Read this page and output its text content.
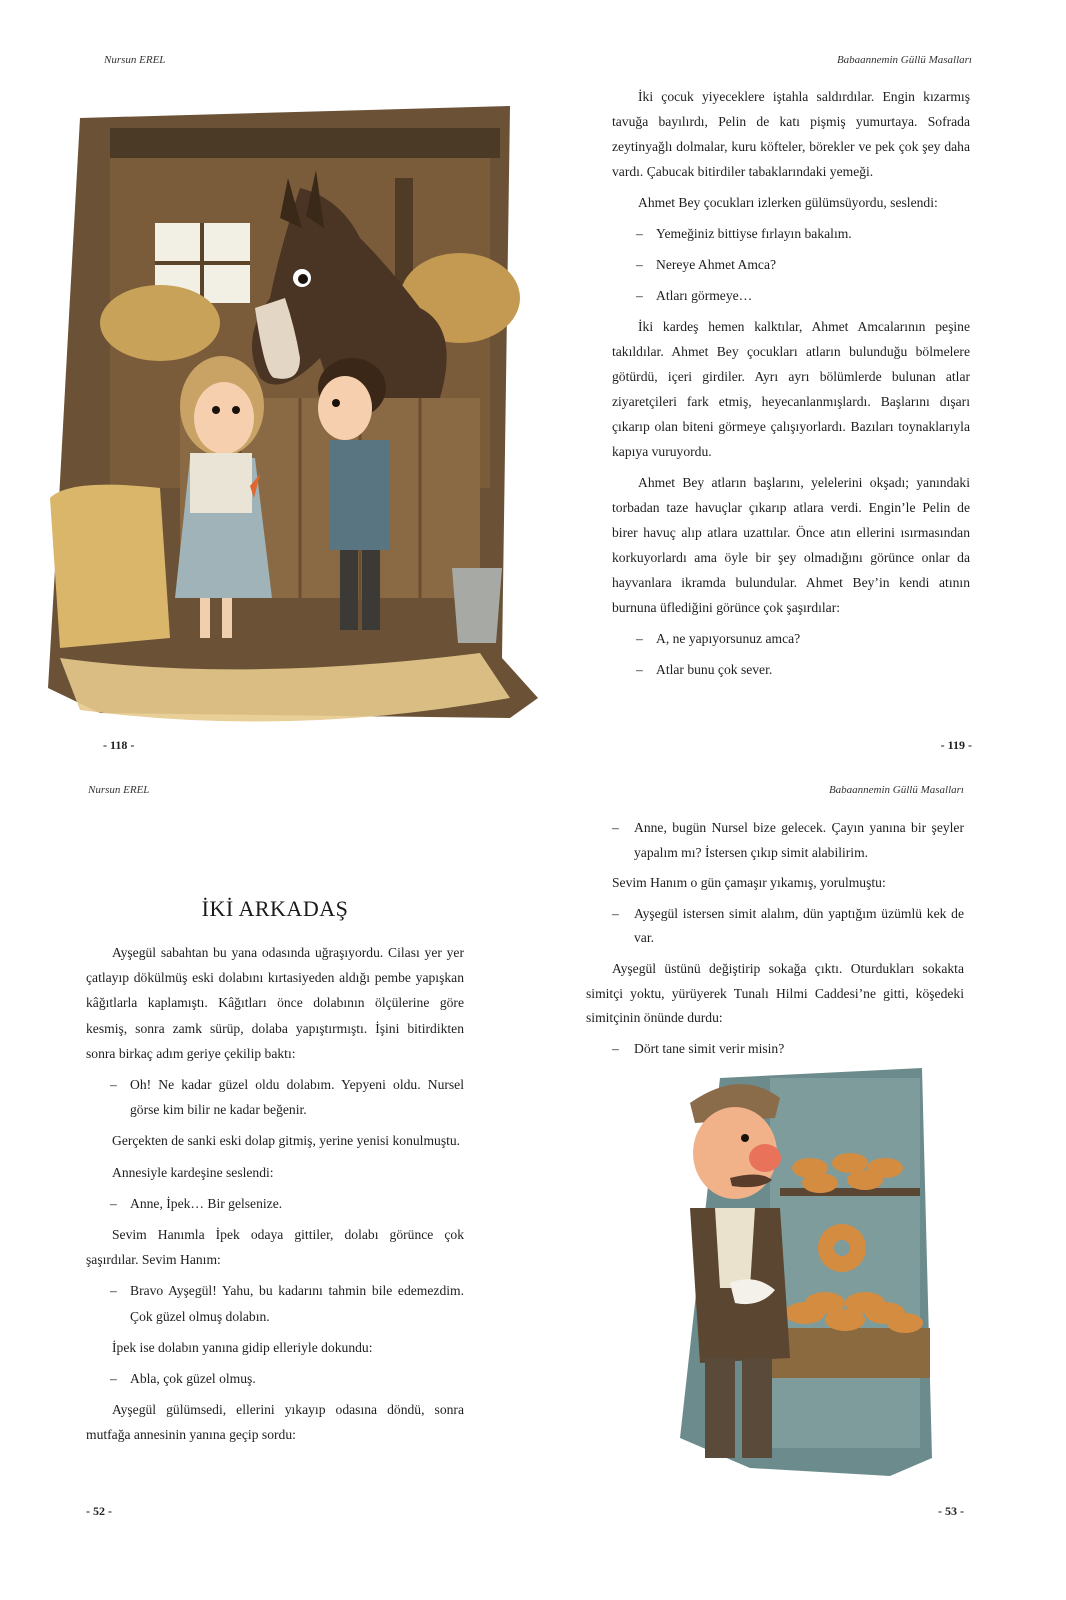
Nursun EREL	Babaannemin Güllü Masalları
- 118 -	- 119 -

İki çocuk yiyeceklere iştahla saldırdılar. Engin kızarmış tavuğa bayılırdı, Pelin de katı pişmiş yumurtaya. Sofrada zeytinyağlı dolmalar, kuru köfteler, börekler ve pek çok şey daha vardı. Çabucak bitirdiler tabaklarındaki yemeği.

Ahmet Bey çocukları izlerken gülümsüyordu, seslendi:

– Yemeğiniz bittiyse fırlayın bakalım.

– Nereye Ahmet Amca?

– Atları görmeye…

İki kardeş hemen kalktılar, Ahmet Amcalarının peşine takıldılar. Ahmet Bey çocukları atların bulunduğu bölmelere götürdü, içeri girdiler. Ayrı ayrı bölümlerde bulunan atlar ziyaretçileri fark etmiş, heyecanlanmışlardı. Başlarını dışarı çıkarıp olan biteni görmeye çalışıyorlardı. Bazıları toynaklarıyla kapıya vuruyordu.

Ahmet Bey atların başlarını, yelelerini okşadı; yanındaki torbadan taze havuçlar çıkarıp atlara verdi. Engin’le Pelin de birer havuç alıp atlara uzattılar. Önce atın ellerini ısırmasından korkuyorlardı ama öyle bir şey olmadığını görünce onlar da hayvanlara ikramda bulundular. Ahmet Bey’in kendi atının burnuna üflediğini görünce çok şaşırdılar:

– A, ne yapıyorsunuz amca?

– Atlar bunu çok sever.

Nursun EREL	Babaannemin Güllü Masalları
İKİ ARKADAŞ

Ayşegül sabahtan bu yana odasında uğraşıyordu. Cilası yer yer çatlayıp dökülmüş eski dolabını kırtasiyeden aldığı pembe yapışkan kâğıtlarla kaplamıştı. Kâğıtları önce dolabının ölçülerine göre kesmiş, sonra zamk sürüp, dolaba yapıştırmıştı. İşini bitirdikten sonra birkaç adım geriye çekilip baktı:

– Oh! Ne kadar güzel oldu dolabım. Yepyeni oldu. Nursel görse kim bilir ne kadar beğenir.

Gerçekten de sanki eski dolap gitmiş, yerine yenisi konulmuştu.

Annesiyle kardeşine seslendi:

– Anne, İpek… Bir gelsenize.

Sevim Hanımla İpek odaya gittiler, dolabı görünce çok şaşırdılar. Sevim Hanım:

– Bravo Ayşegül! Yahu, bu kadarını tahmin bile edemezdim. Çok güzel olmuş dolabın.

İpek ise dolabın yanına gidip elleriyle dokundu:

– Abla, çok güzel olmuş.

Ayşegül gülümsedi, ellerini yıkayıp odasına döndü, sonra mutfağa annesinin yanına geçip sordu:

– Anne, bugün Nursel bize gelecek. Çayın yanına bir şeyler yapalım mı? İstersen çıkıp simit alabilirim.

Sevim Hanım o gün çamaşır yıkamış, yorulmuştu:

– Ayşegül istersen simit alalım, dün yaptığım üzümlü kek de var.

Ayşegül üstünü değiştirip sokağa çıktı. Oturdukları sokakta simitçi yoktu, yürüyerek Tunalı Hilmi Caddesi’ne gitti, köşedeki simitçinin önünde durdu:

– Dört tane simit verir misin?

- 52 -	- 53 -
